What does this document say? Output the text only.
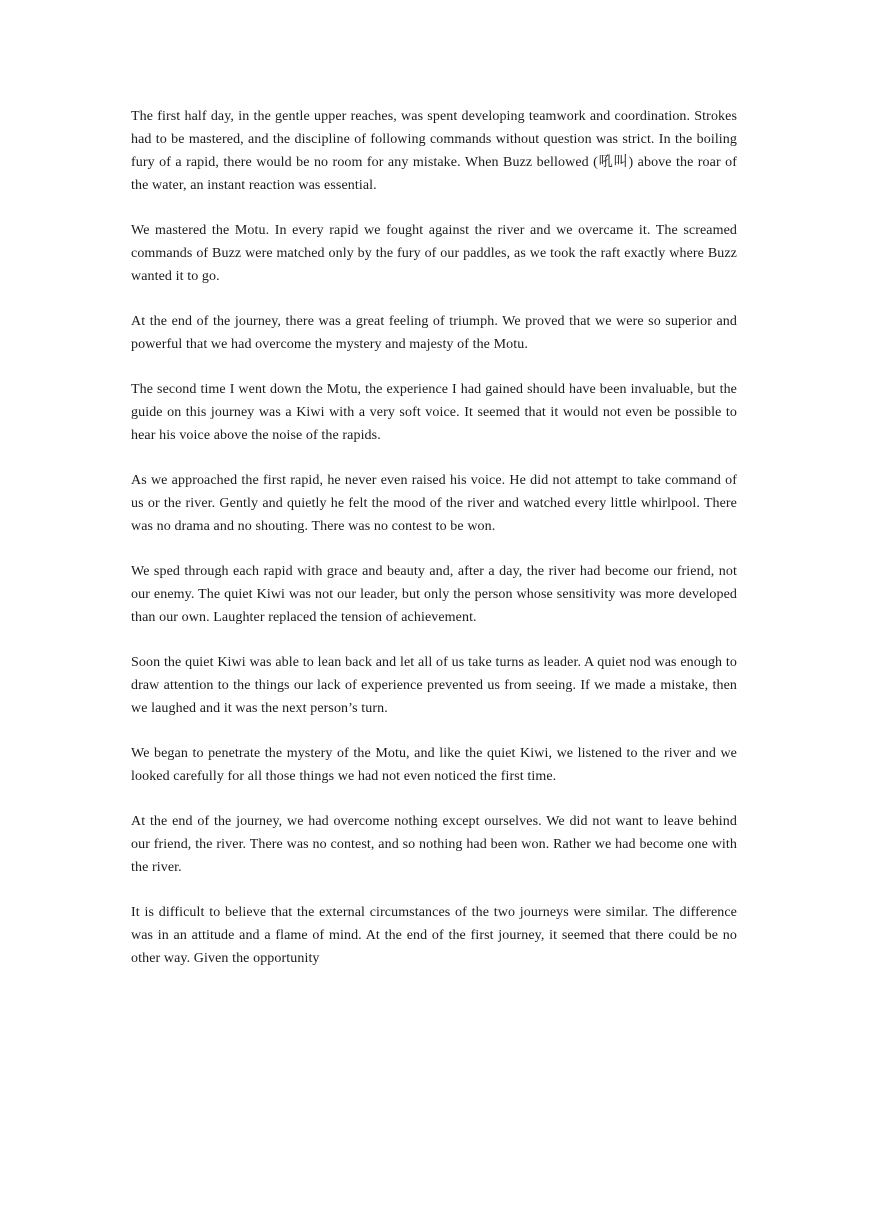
The first half day, in the gentle upper reaches, was spent developing teamwork and coordination. Strokes had to be mastered, and the discipline of following commands without question was strict. In the boiling fury of a rapid, there would be no room for any mistake. When Buzz bellowed (吼叫) above the roar of the water, an instant reaction was essential.

We mastered the Motu. In every rapid we fought against the river and we overcame it. The screamed commands of Buzz were matched only by the fury of our paddles, as we took the raft exactly where Buzz wanted it to go.

At the end of the journey, there was a great feeling of triumph. We proved that we were so superior and powerful that we had overcome the mystery and majesty of the Motu.

The second time I went down the Motu, the experience I had gained should have been invaluable, but the guide on this journey was a Kiwi with a very soft voice. It seemed that it would not even be possible to hear his voice above the noise of the rapids.

As we approached the first rapid, he never even raised his voice. He did not attempt to take command of us or the river. Gently and quietly he felt the mood of the river and watched every little whirlpool. There was no drama and no shouting. There was no contest to be won.

We sped through each rapid with grace and beauty and, after a day, the river had become our friend, not our enemy. The quiet Kiwi was not our leader, but only the person whose sensitivity was more developed than our own. Laughter replaced the tension of achievement.

Soon the quiet Kiwi was able to lean back and let all of us take turns as leader. A quiet nod was enough to draw attention to the things our lack of experience prevented us from seeing. If we made a mistake, then we laughed and it was the next person’s turn.

We began to penetrate the mystery of the Motu, and like the quiet Kiwi, we listened to the river and we looked carefully for all those things we had not even noticed the first time.

At the end of the journey, we had overcome nothing except ourselves. We did not want to leave behind our friend, the river. There was no contest, and so nothing had been won. Rather we had become one with the river.

It is difficult to believe that the external circumstances of the two journeys were similar. The difference was in an attitude and a flame of mind. At the end of the first journey, it seemed that there could be no other way. Given the opportunity
